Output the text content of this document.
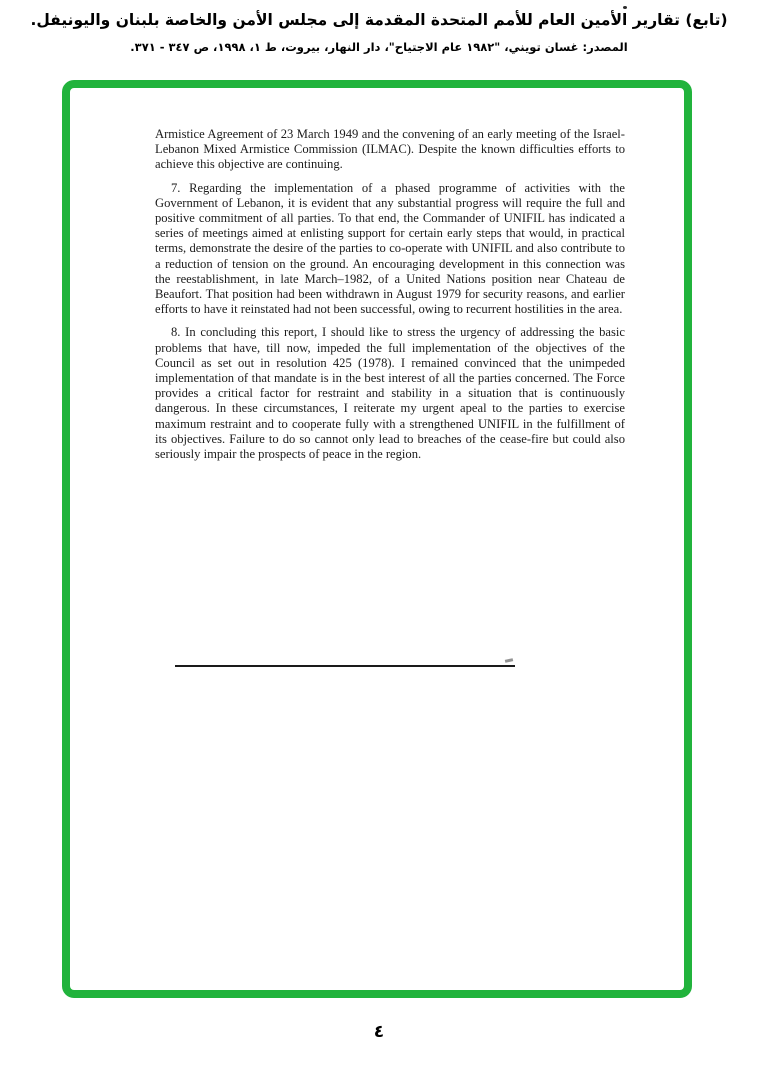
(تابع) تقارير الأمين العام للأمم المتحدة المقدمة إلى مجلس الأمن والخاصة بلبنان واليونيفل.
المصدر: غسان تويني، "١٩٨٢ عام الاجتياح"، دار النهار، بيروت، ط ١، ١٩٩٨، ص ٣٤٧ - ٣٧١.

Armistice Agreement of 23 March 1949 and the convening of an early meeting of the Israel-Lebanon Mixed Armistice Commission (ILMAC). Despite the known difficulties efforts to achieve this objective are continuing.

7. Regarding the implementation of a phased programme of activities with the Government of Lebanon, it is evident that any substantial progress will require the full and positive commitment of all parties. To that end, the Commander of UNIFIL has indicated a series of meetings aimed at enlisting support for certain early steps that would, in practical terms, demonstrate the desire of the parties to co-operate with UNIFIL and also contribute to a reduction of tension on the ground. An encouraging development in this connection was the reestablishment, in late March–1982, of a United Nations position near Chateau de Beaufort. That position had been withdrawn in August 1979 for security reasons, and earlier efforts to have it reinstated had not been successful, owing to recurrent hostilities in the area.

8. In concluding this report, I should like to stress the urgency of addressing the basic problems that have, till now, impeded the full implementation of the objectives of the Council as set out in resolution 425 (1978). I remained convinced that the unimpeded implementation of that mandate is in the best interest of all the parties concerned. The Force provides a critical factor for restraint and stability in a situation that is continuously dangerous. In these circumstances, I reiterate my urgent apeal to the parties to exercise maximum restraint and to cooperate fully with a strengthened UNIFIL in the fulfillment of its objectives. Failure to do so cannot only lead to breaches of the cease-fire but could also seriously impair the prospects of peace in the region.

٤
